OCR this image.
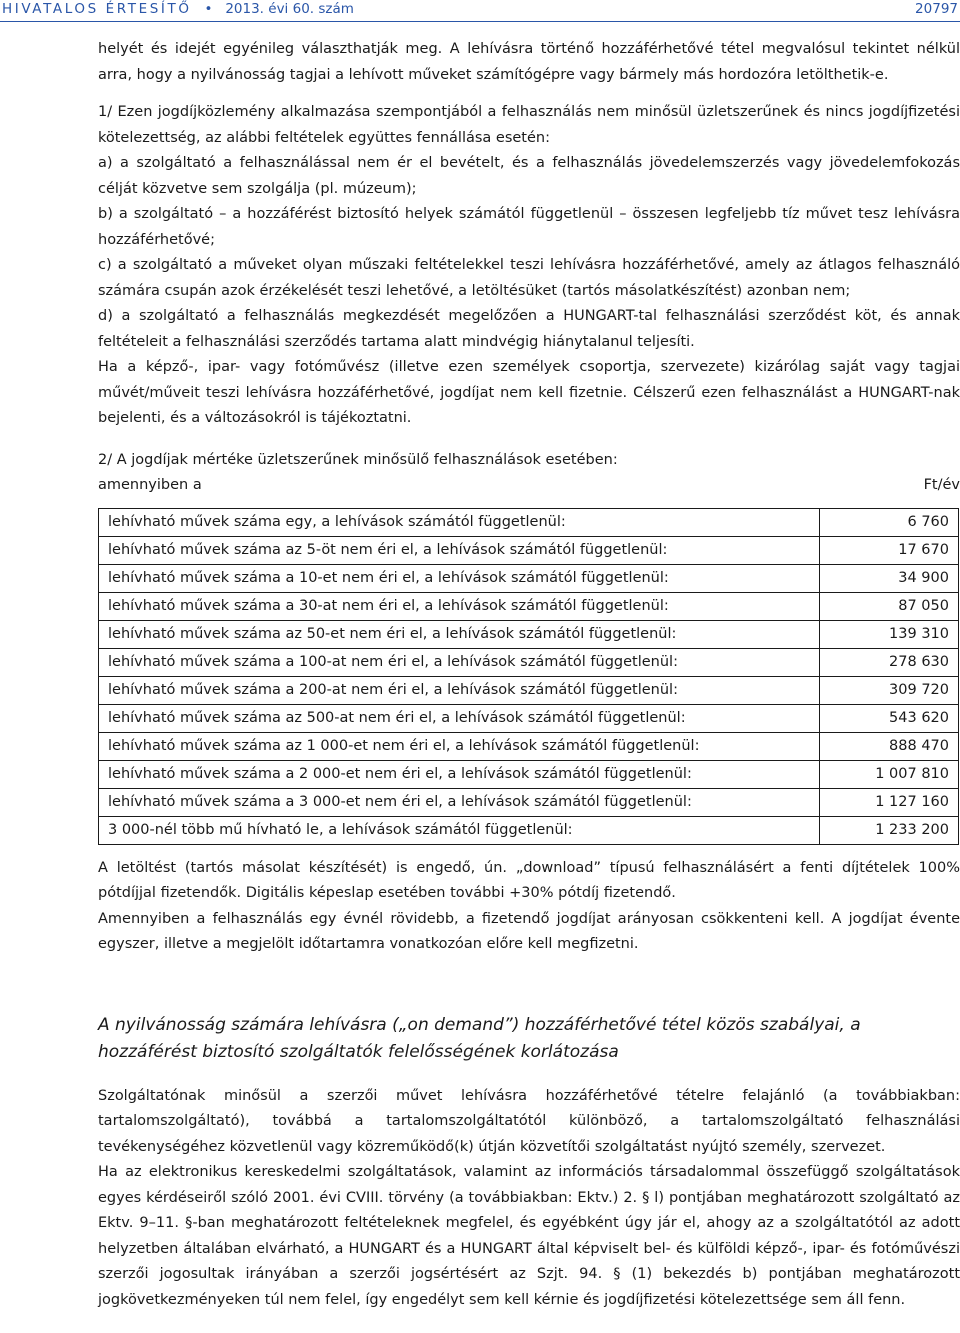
HIVATALOS ÉRTESÍTŐ   •   2013. évi 60. szám	20797

helyét és idejét egyénileg választhatják meg. A lehívásra történő hozzáférhetővé tétel megvalósul tekintet nélkül arra, hogy a nyilvánosság tagjai a lehívott műveket számítógépre vagy bármely más hordozóra letölthetik-e.

1/ Ezen jogdíjközlemény alkalmazása szempontjából a felhasználás nem minősül üzletszerűnek és nincs jogdíjfizetési kötelezettség, az alábbi feltételek együttes fennállása esetén:

a) a szolgáltató a felhasználással nem ér el bevételt, és a felhasználás jövedelemszerzés vagy jövedelemfokozás célját közvetve sem szolgálja (pl. múzeum);

b) a szolgáltató – a hozzáférést biztosító helyek számától függetlenül – összesen legfeljebb tíz művet tesz lehívásra hozzáférhetővé;

c) a szolgáltató a műveket olyan műszaki feltételekkel teszi lehívásra hozzáférhetővé, amely az átlagos felhasználó számára csupán azok érzékelését teszi lehetővé, a letöltésüket (tartós másolatkészítést) azonban nem;

d) a szolgáltató a felhasználás megkezdését megelőzően a HUNGART-tal felhasználási szerződést köt, és annak feltételeit a felhasználási szerződés tartama alatt mindvégig hiánytalanul teljesíti.

Ha a képző-, ipar- vagy fotóművész (illetve ezen személyek csoportja, szervezete) kizárólag saját vagy tagjai művét/műveit teszi lehívásra hozzáférhetővé, jogdíjat nem kell fizetnie. Célszerű ezen felhasználást a HUNGART-nak bejelenti, és a változásokról is tájékoztatni.

2/ A jogdíjak mértéke üzletszerűnek minősülő felhasználások esetében:

amennyiben a	Ft/év
lehívható művek száma egy, a lehívások számától függetlenül:	6 760
lehívható művek száma az 5-öt nem éri el, a lehívások számától függetlenül:	17 670
lehívható művek száma a 10-et nem éri el, a lehívások számától függetlenül:	34 900
lehívható művek száma a 30-at nem éri el, a lehívások számától függetlenül:	87 050
lehívható művek száma az 50-et nem éri el, a lehívások számától függetlenül:	139 310
lehívható művek száma a 100-at nem éri el, a lehívások számától függetlenül:	278 630
lehívható művek száma a 200-at nem éri el, a lehívások számától függetlenül:	309 720
lehívható művek száma az 500-at nem éri el, a lehívások számától függetlenül:	543 620
lehívható művek száma az 1 000-et nem éri el, a lehívások számától függetlenül:	888 470
lehívható művek száma a 2 000-et nem éri el, a lehívások számától függetlenül:	1 007 810
lehívható művek száma a 3 000-et nem éri el, a lehívások számától függetlenül:	1 127 160
3 000-nél több mű hívható le, a lehívások számától függetlenül:	1 233 200

A letöltést (tartós másolat készítését) is engedő, ún. „download” típusú felhasználásért a fenti díjtételek 100% pótdíjjal fizetendők. Digitális képeslap esetében további +30% pótdíj fizetendő.

Amennyiben a felhasználás egy évnél rövidebb, a fizetendő jogdíjat arányosan csökkenteni kell. A jogdíjat évente egyszer, illetve a megjelölt időtartamra vonatkozóan előre kell megfizetni.

A nyilvánosság számára lehívásra („on demand”) hozzáférhetővé tétel közös szabályai, a hozzáférést biztosító szolgáltatók felelősségének korlátozása

Szolgáltatónak minősül a szerzői művet lehívásra hozzáférhetővé tételre felajánló (a továbbiakban: tartalomszolgáltató), továbbá a tartalomszolgáltatótól különböző, a tartalomszolgáltató felhasználási tevékenységéhez közvetlenül vagy közreműködő(k) útján közvetítői szolgáltatást nyújtó személy, szervezet.

Ha az elektronikus kereskedelmi szolgáltatások, valamint az információs társadalommal összefüggő szolgáltatások egyes kérdéseiről szóló 2001. évi CVIII. törvény (a továbbiakban: Ektv.) 2. § l) pontjában meghatározott szolgáltató az Ektv. 9–11. §-ban meghatározott feltételeknek megfelel, és egyébként úgy jár el, ahogy az a szolgáltatótól az adott helyzetben általában elvárható, a HUNGART és a HUNGART által képviselt bel- és külföldi képző-, ipar- és fotóművészi szerzői jogosultak irányában a szerzői jogsértésért az Szjt. 94. § (1) bekezdés b) pontjában meghatározott jogkövetkezményeken túl nem felel, így engedélyt sem kell kérnie és jogdíjfizetési kötelezettsége sem áll fenn.
